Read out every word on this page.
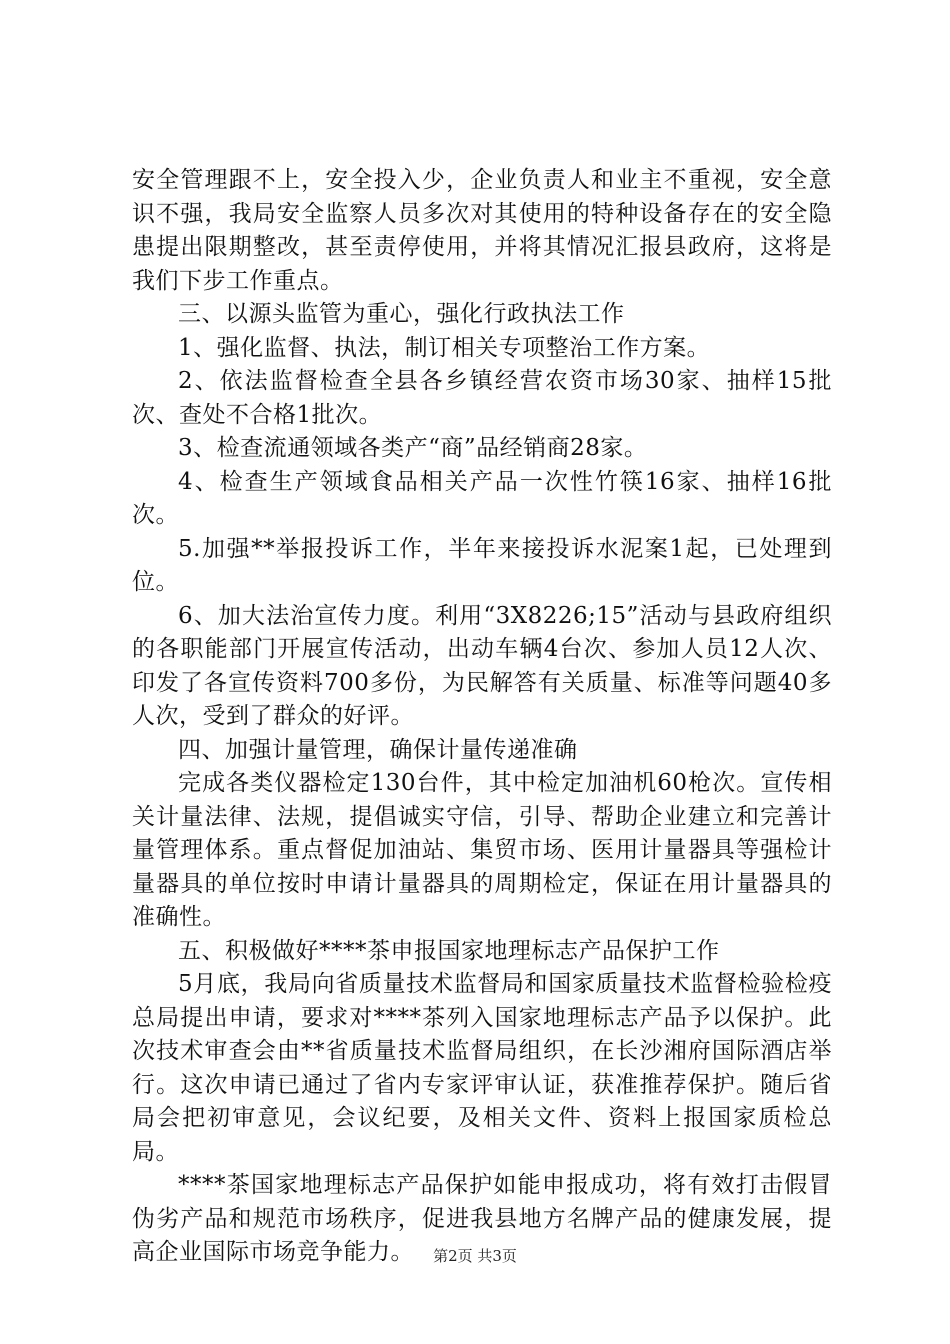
安全管理跟不上，安全投入少，企业负责人和业主不重视，安全意识不强，我局安全监察人员多次对其使用的特种设备存在的安全隐患提出限期整改，甚至责停使用，并将其情况汇报县政府，这将是我们下步工作重点。

三、以源头监管为重心，强化行政执法工作

1、强化监督、执法，制订相关专项整治工作方案。

2、依法监督检查全县各乡镇经营农资市场30家、抽样15批次、查处不合格1批次。

3、检查流通领域各类产“商”品经销商28家。

4、检查生产领域食品相关产品一次性竹筷16家、抽样16批次。

5.加强**举报投诉工作，半年来接投诉水泥案1起，已处理到位。

6、加大法治宣传力度。利用“3X8226;15”活动与县政府组织的各职能部门开展宣传活动，出动车辆4台次、参加人员12人次、印发了各宣传资料700多份，为民解答有关质量、标准等问题40多人次，受到了群众的好评。

四、加强计量管理，确保计量传递准确

完成各类仪器检定130台件，其中检定加油机60枪次。宣传相关计量法律、法规，提倡诚实守信，引导、帮助企业建立和完善计量管理体系。重点督促加油站、集贸市场、医用计量器具等强检计量器具的单位按时申请计量器具的周期检定，保证在用计量器具的准确性。

五、积极做好****茶申报国家地理标志产品保护工作

5月底，我局向省质量技术监督局和国家质量技术监督检验检疫总局提出申请，要求对****茶列入国家地理标志产品予以保护。此次技术审查会由**省质量技术监督局组织，在长沙湘府国际酒店举行。这次申请已通过了省内专家评审认证，获准推荐保护。随后省局会把初审意见，会议纪要，及相关文件、资料上报国家质检总局。

****茶国家地理标志产品保护如能申报成功，将有效打击假冒伪劣产品和规范市场秩序，促进我县地方名牌产品的健康发展，提高企业国际市场竞争能力。	第2页 共3页
